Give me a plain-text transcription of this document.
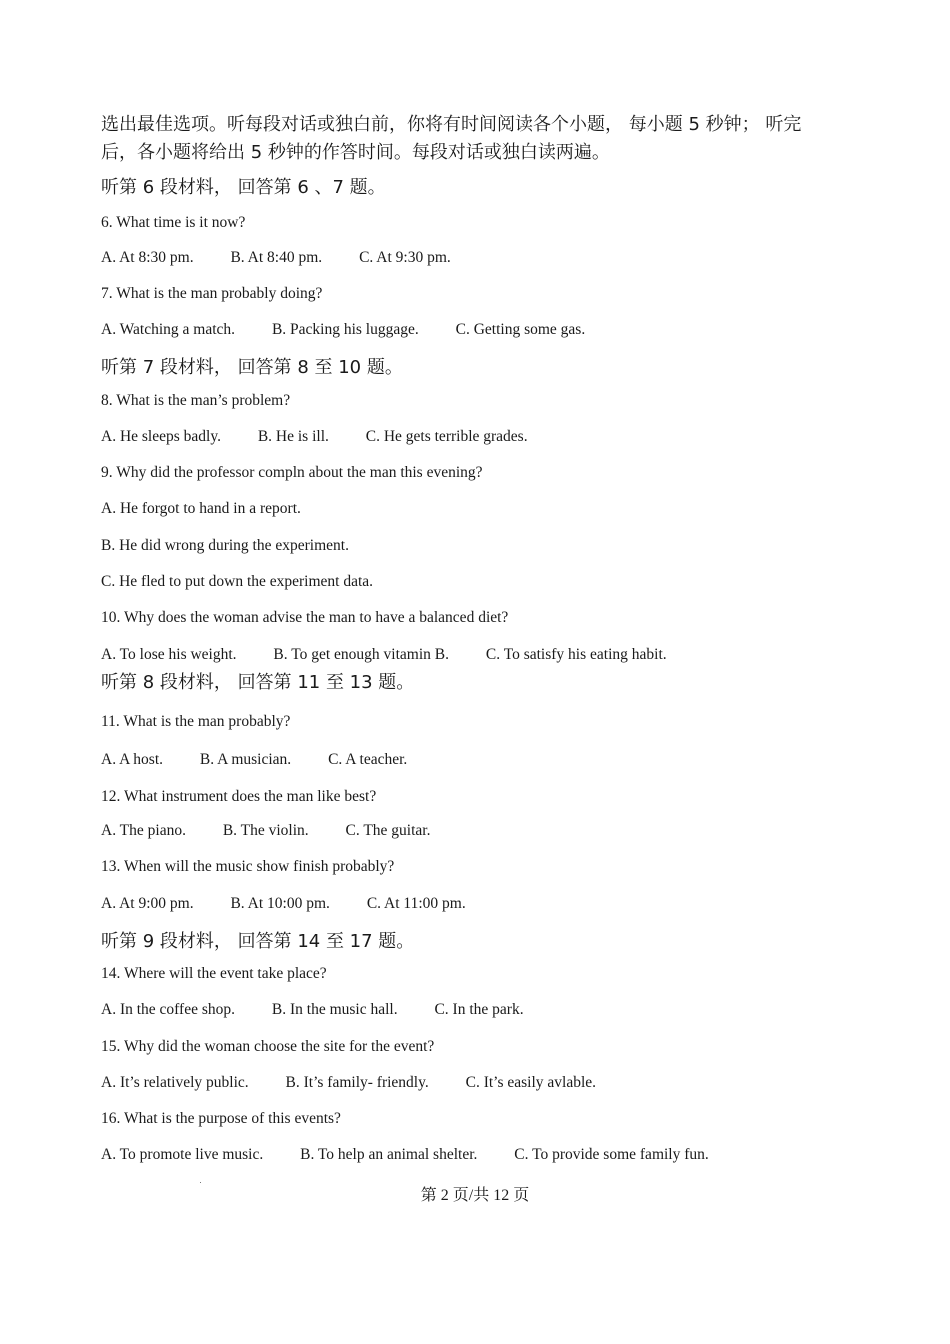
选出最佳选项。听每段对话或独白前，你将有时间阅读各个小题， 每小题 5 秒钟； 听完后，各小题将给出 5 秒钟的作答时间。每段对话或独白读两遍。
听第 6 段材料， 回答第 6 、7 题。
6. What time is it now?
A. At 8:30 pm. B. At 8:40 pm. C. At 9:30 pm.
7. What is the man probably doing?
A. Watching a match. B. Packing his luggage. C. Getting some gas.
听第 7 段材料， 回答第 8 至 10 题。
8. What is the man’s problem?
A. He sleeps badly. B. He is ill. C. He gets terrible grades.
9. Why did the professor compln about the man this evening?
A. He forgot to hand in a report.
B. He did wrong during the experiment.
C. He fled to put down the experiment data.
10. Why does the woman advise the man to have a balanced diet?
A. To lose his weight. B. To get enough vitamin B. C. To satisfy his eating habit.
听第 8 段材料， 回答第 11 至 13 题。
11. What is the man probably?
A. A host. B. A musician. C. A teacher.
12. What instrument does the man like best?
A. The piano. B. The violin. C. The guitar.
13. When will the music show finish probably?
A. At 9:00 pm. B. At 10:00 pm. C. At 11:00 pm.
听第 9 段材料， 回答第 14 至 17 题。
14. Where will the event take place?
A. In the coffee shop. B. In the music hall. C. In the park.
15. Why did the woman choose the site for the event?
A. It’s relatively public. B. It’s family- friendly. C. It’s easily avlable.
16. What is the purpose of this events?
A. To promote live music. B. To help an animal shelter. C. To provide some family fun.
第 2 页/共 12 页
